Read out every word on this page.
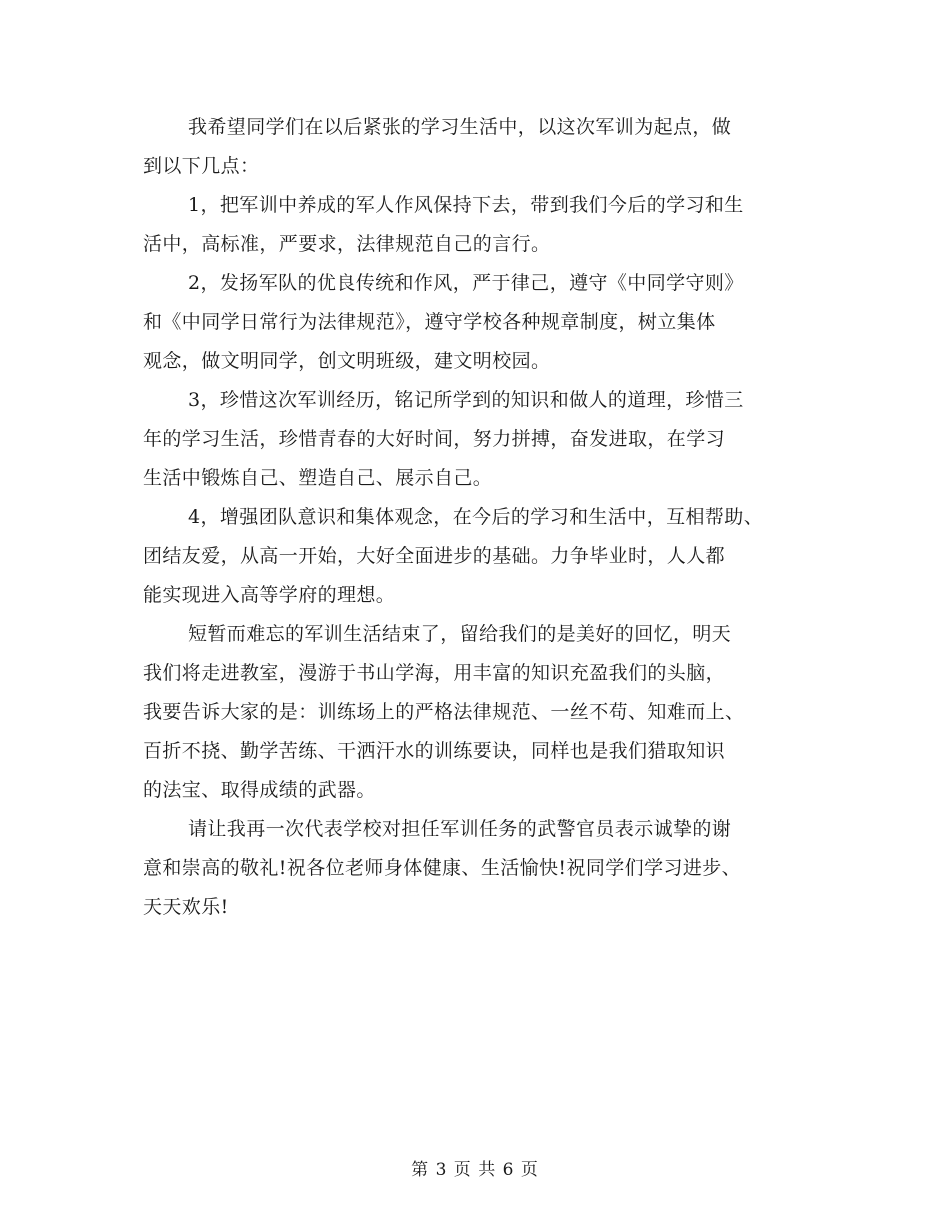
我希望同学们在以后紧张的学习生活中，以这次军训为起点，做
到以下几点：
1，把军训中养成的军人作风保持下去，带到我们今后的学习和生
活中，高标准，严要求，法律规范自己的言行。
2，发扬军队的优良传统和作风，严于律己，遵守《中同学守则》
和《中同学日常行为法律规范》，遵守学校各种规章制度，树立集体
观念，做文明同学，创文明班级，建文明校园。
3，珍惜这次军训经历，铭记所学到的知识和做人的道理，珍惜三
年的学习生活，珍惜青春的大好时间，努力拼搏，奋发进取，在学习
生活中锻炼自己、塑造自己、展示自己。
4，增强团队意识和集体观念，在今后的学习和生活中，互相帮助、
团结友爱，从高一开始，大好全面进步的基础。力争毕业时，人人都
能实现进入高等学府的理想。
短暂而难忘的军训生活结束了，留给我们的是美好的回忆，明天
我们将走进教室，漫游于书山学海，用丰富的知识充盈我们的头脑，
我要告诉大家的是：训练场上的严格法律规范、一丝不苟、知难而上、
百折不挠、勤学苦练、干洒汗水的训练要诀，同样也是我们猎取知识
的法宝、取得成绩的武器。
请让我再一次代表学校对担任军训任务的武警官员表示诚挚的谢
意和崇高的敬礼!祝各位老师身体健康、生活愉快!祝同学们学习进步、
天天欢乐!
第 3 页 共 6 页
